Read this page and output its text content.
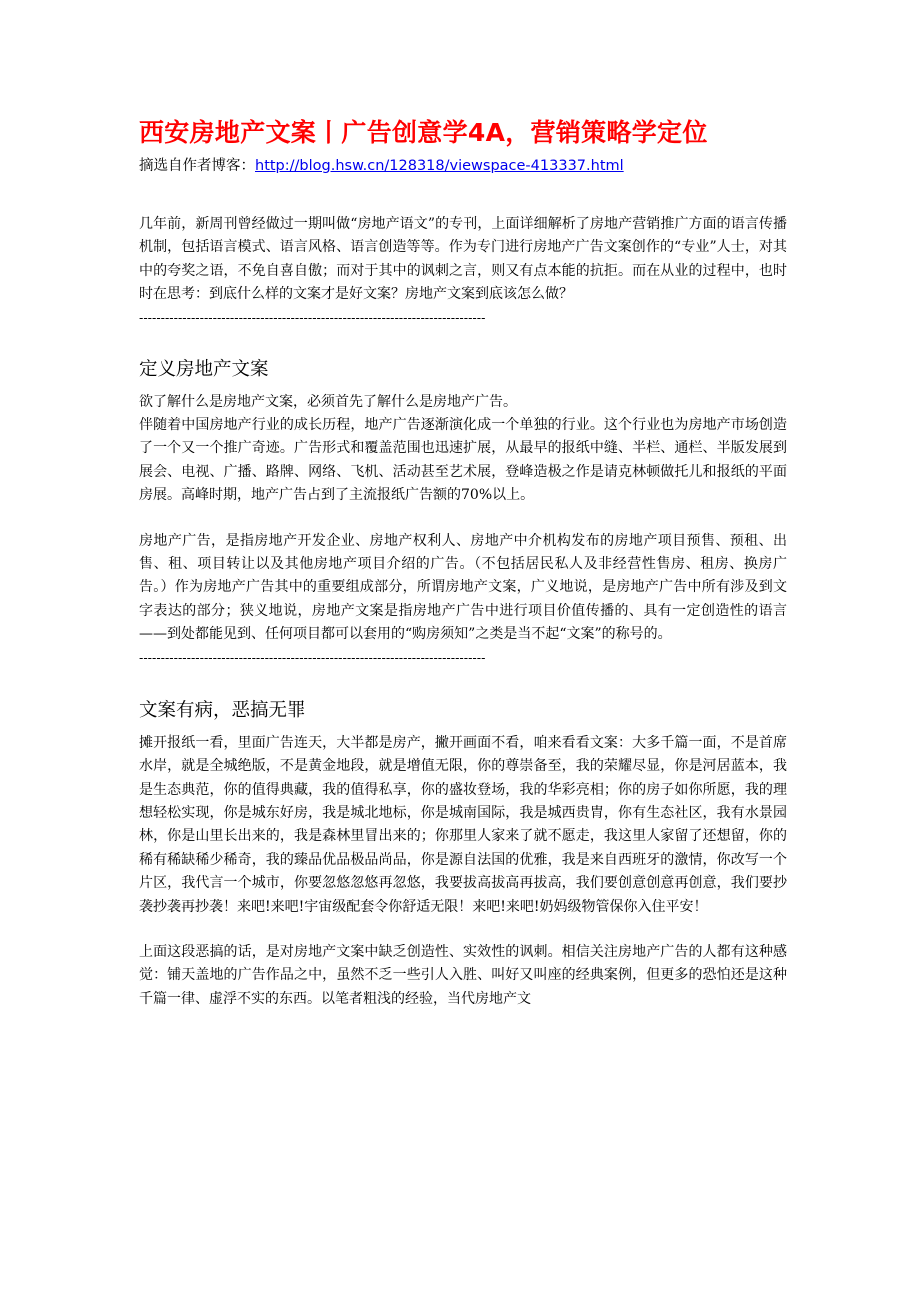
西安房地产文案丨广告创意学4A，营销策略学定位
摘选自作者博客：http://blog.hsw.cn/128318/viewspace-413337.html

几年前，新周刊曾经做过一期叫做“房地产语文”的专刊，上面详细解析了房地产营销推广方面的语言传播机制，包括语言模式、语言风格、语言创造等等。作为专门进行房地产广告文案创作的“专业”人士，对其中的夸奖之语，不免自喜自傲；而对于其中的讽刺之言，则又有点本能的抗拒。而在从业的过程中，也时时在思考：到底什么样的文案才是好文案？房地产文案到底该怎么做？

--------------------------------------------------------------------------------
定义房地产文案

欲了解什么是房地产文案，必须首先了解什么是房地产广告。

伴随着中国房地产行业的成长历程，地产广告逐渐演化成一个单独的行业。这个行业也为房地产市场创造了一个又一个推广奇迹。广告形式和覆盖范围也迅速扩展，从最早的报纸中缝、半栏、通栏、半版发展到展会、电视、广播、路牌、网络、飞机、活动甚至艺术展，登峰造极之作是请克林顿做托儿和报纸的平面房展。高峰时期，地产广告占到了主流报纸广告额的70%以上。

房地产广告，是指房地产开发企业、房地产权利人、房地产中介机构发布的房地产项目预售、预租、出售、租、项目转让以及其他房地产项目介绍的广告。（不包括居民私人及非经营性售房、租房、换房广告。）作为房地产广告其中的重要组成部分，所谓房地产文案，广义地说，是房地产广告中所有涉及到文字表达的部分；狭义地说，房地产文案是指房地产广告中进行项目价值传播的、具有一定创造性的语言——到处都能见到、任何项目都可以套用的“购房须知”之类是当不起“文案”的称号的。

--------------------------------------------------------------------------------
文案有病，恶搞无罪

摊开报纸一看，里面广告连天，大半都是房产，撇开画面不看，咱来看看文案：大多千篇一面，不是首席水岸，就是全城绝版，不是黄金地段，就是增值无限，你的尊崇备至，我的荣耀尽显，你是河居蓝本，我是生态典范，你的值得典藏，我的值得私享，你的盛妆登场，我的华彩亮相；你的房子如你所愿，我的理想轻松实现，你是城东好房，我是城北地标，你是城南国际，我是城西贵胄，你有生态社区，我有水景园林，你是山里长出来的，我是森林里冒出来的；你那里人家来了就不愿走，我这里人家留了还想留，你的稀有稀缺稀少稀奇，我的臻品优品极品尚品，你是源自法国的优雅，我是来自西班牙的激情，你改写一个片区，我代言一个城市，你要忽悠忽悠再忽悠，我要拔高拔高再拔高，我们要创意创意再创意，我们要抄袭抄袭再抄袭！来吧!来吧!宇宙级配套令你舒适无限！来吧!来吧!奶妈级物管保你入住平安！

上面这段恶搞的话，是对房地产文案中缺乏创造性、实效性的讽刺。相信关注房地产广告的人都有这种感觉：铺天盖地的广告作品之中，虽然不乏一些引人入胜、叫好又叫座的经典案例，但更多的恐怕还是这种千篇一律、虚浮不实的东西。以笔者粗浅的经验，当代房地产文
